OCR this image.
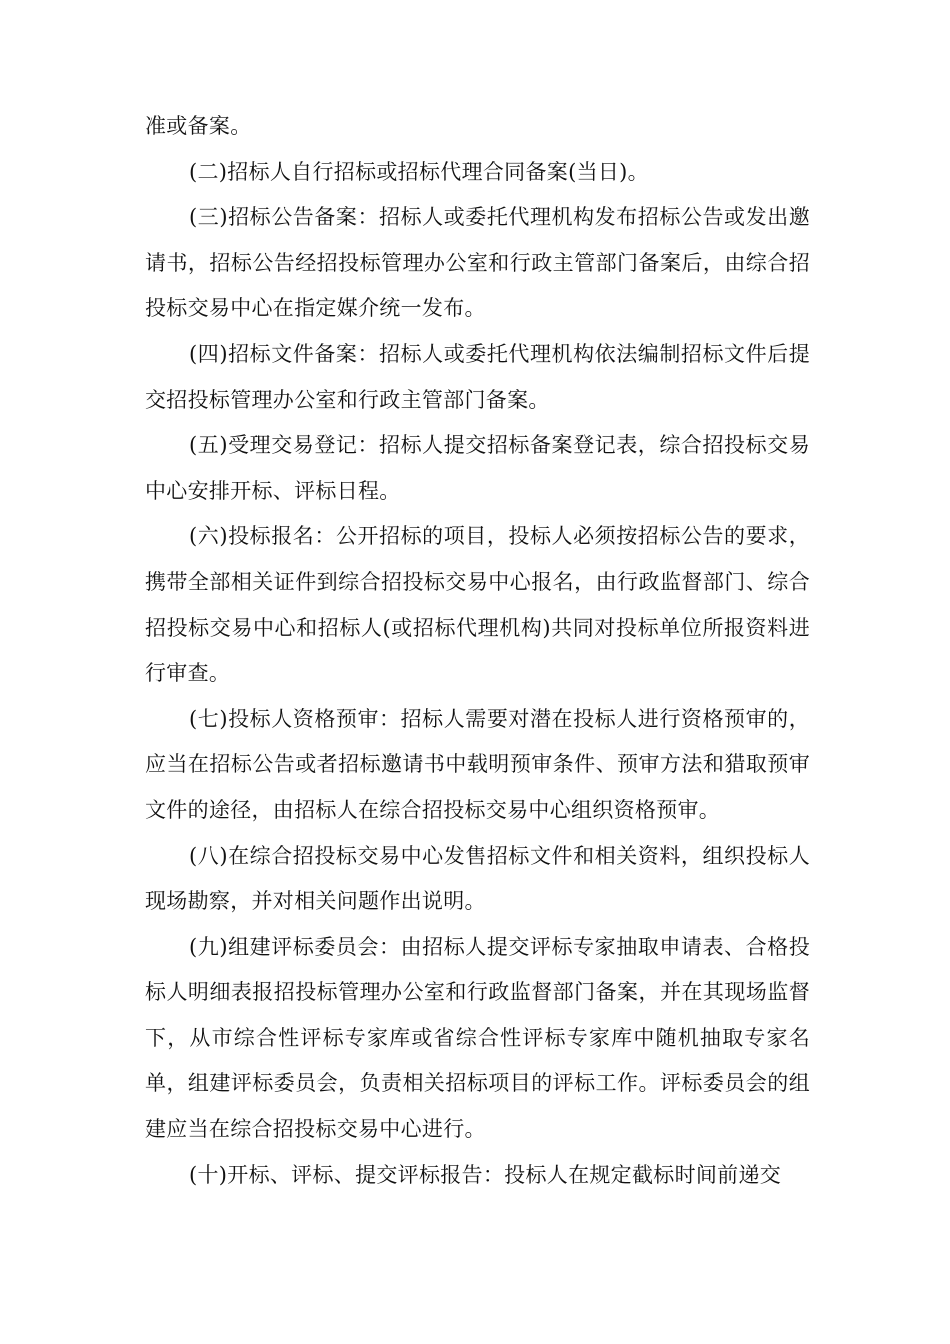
准或备案。

(二)招标人自行招标或招标代理合同备案(当日)。

(三)招标公告备案：招标人或委托代理机构发布招标公告或发出邀请书，招标公告经招投标管理办公室和行政主管部门备案后，由综合招投标交易中心在指定媒介统一发布。

(四)招标文件备案：招标人或委托代理机构依法编制招标文件后提交招投标管理办公室和行政主管部门备案。

(五)受理交易登记：招标人提交招标备案登记表，综合招投标交易中心安排开标、评标日程。

(六)投标报名：公开招标的项目，投标人必须按招标公告的要求，携带全部相关证件到综合招投标交易中心报名，由行政监督部门、综合招投标交易中心和招标人(或招标代理机构)共同对投标单位所报资料进行审查。

(七)投标人资格预审：招标人需要对潜在投标人进行资格预审的，应当在招标公告或者招标邀请书中载明预审条件、预审方法和猎取预审文件的途径，由招标人在综合招投标交易中心组织资格预审。

(八)在综合招投标交易中心发售招标文件和相关资料，组织投标人现场勘察，并对相关问题作出说明。

(九)组建评标委员会：由招标人提交评标专家抽取申请表、合格投标人明细表报招投标管理办公室和行政监督部门备案，并在其现场监督下，从市综合性评标专家库或省综合性评标专家库中随机抽取专家名单，组建评标委员会，负责相关招标项目的评标工作。评标委员会的组建应当在综合招投标交易中心进行。

(十)开标、评标、提交评标报告：投标人在规定截标时间前递交
